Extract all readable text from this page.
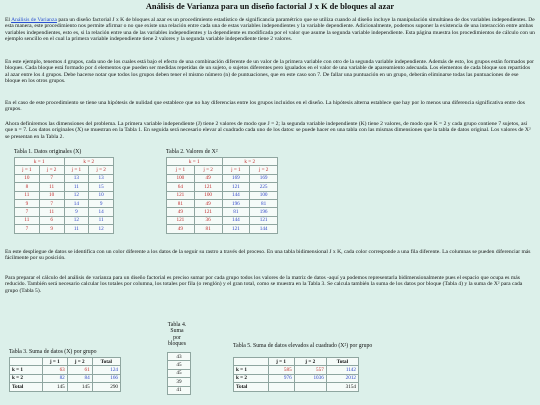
Análisis de Varianza para un diseño factorial J x K de bloques al azar
El Análisis de Varianza para un diseño factorial J x K de bloques al azar es un procedimiento estadístico de significancia paramétrico que se utiliza cuando al diseño incluye la manipulación simultánea de dos variables independientes. De esta manera, este procedimiento nos permite afirmar o no que existe una relación entre cada una de estas variables independientes y la variable dependiente. Adicionalmente, podemos suponer la existencia de una interacción entre ambas variables independientes, esto es, si la relación entre una de las variables independientes y la dependiente es modificada por el valor que asume la segunda variable independiente. Esta página muestra los procedimientos de cálculo con un ejemplo sencillo en el cual la primera variable independiente tiene 2 valores y la segunda variable independiente tiene 2 valores.
En este ejemplo, tenemos 4 grupos, cada uno de los cuales está bajo el efecto de una combinación diferente de un valor de la primera variable con otro de la segunda variable independiente. Además de esto, los grupos están formados por bloques. Cada bloque está formado por 4 elementos que pueden ser medidas repetidas de un sujeto, o sujetos diferentes pero igualados en el valor de una variable de apareamiento adecuada. Los elementos de cada bloque son repartidos al azar entre los 4 grupos. Debe hacerse notar que todos los grupos deben tener el mismo número (n) de puntuaciones, que en este caso son 7. De fallar una puntuación en un grupo, deberán eliminarse todas las puntuaciones de ese bloque en los otros grupos.
En el caso de este procedimiento se tiene una hipótesis de nulidad que establece que no hay diferencias entre los grupos incluidos en el diseño. La hipótesis alterna establece que hay por lo menos una diferencia significativa entre dos grupos.
Ahora definiremos las dimensiones del problema. La primera variable independiente (J) tiene 2 valores de modo que J = 2; la segunda variable independiente (K) tiene 2 valores, de modo que K = 2 y cada grupo contiene 7 sujetos, así que n = 7. Los datos originales (X) se muestran en la Tabla 1. En seguida será necesario elevar al cuadrado cada uno de los datos: se puede hacer en una tabla con las mismas dimensiones que la tabla de datos original. Los valores de X² se presentan en la Tabla 2.
Tabla 1. Datos originales (X)
k = 1		k = 2	
j = 1	j = 2	j = 1	j = 2
10	7	13	13
8	11	11	15
11	10	12	10
9	7	14	9
7	11	9	14
11	6	12	11
7	9	11	12
Tabla 2. Valores de X²
k = 1		k = 2	
j = 1	j = 2	j = 1	j = 2
100	49	169	169
64	121	121	225
121	100	144	100
81	49	196	81
49	121	81	196
121	36	144	121
49	81	121	144
En este despliegue de datos se identifica con un color diferente a los datos de la seguir su rastro a través del proceso. En una tabla bidimensional J x K, cada color corresponde a una fila diferente. La columnas se pueden diferenciar más fácilmente por su posición.
Para preparar el cálculo del análisis de varianza para un diseño factorial es preciso sumar por cada grupo todos los valores de la matriz de datos -aquí ya podemos representarla bidimensionalmente pues el espacio que ocupa es más reducido. También será necesario calcular los totales por columna, los totales por fila (o renglón) y el gran total, como se muestra en la Tabla 3. Se calcula también la suma de los datos por bloque (Tabla 4) y la suma de X² para cada grupo (Tabla 5).
Tabla 3. Suma de datos (X) por grupo
	j = 1	j = 2	Total
k = 1	63	61	124
k = 2	82	84	166
Total	145	145	290
Tabla 4. Suma por bloques
43
45
45
39
41
Tabla 5. Suma de datos elevados al cuadrado (X²) por grupo
	j = 1	j = 2	Total
k = 1	585	557	1142
k = 2	976	1036	2012
Total			3154
